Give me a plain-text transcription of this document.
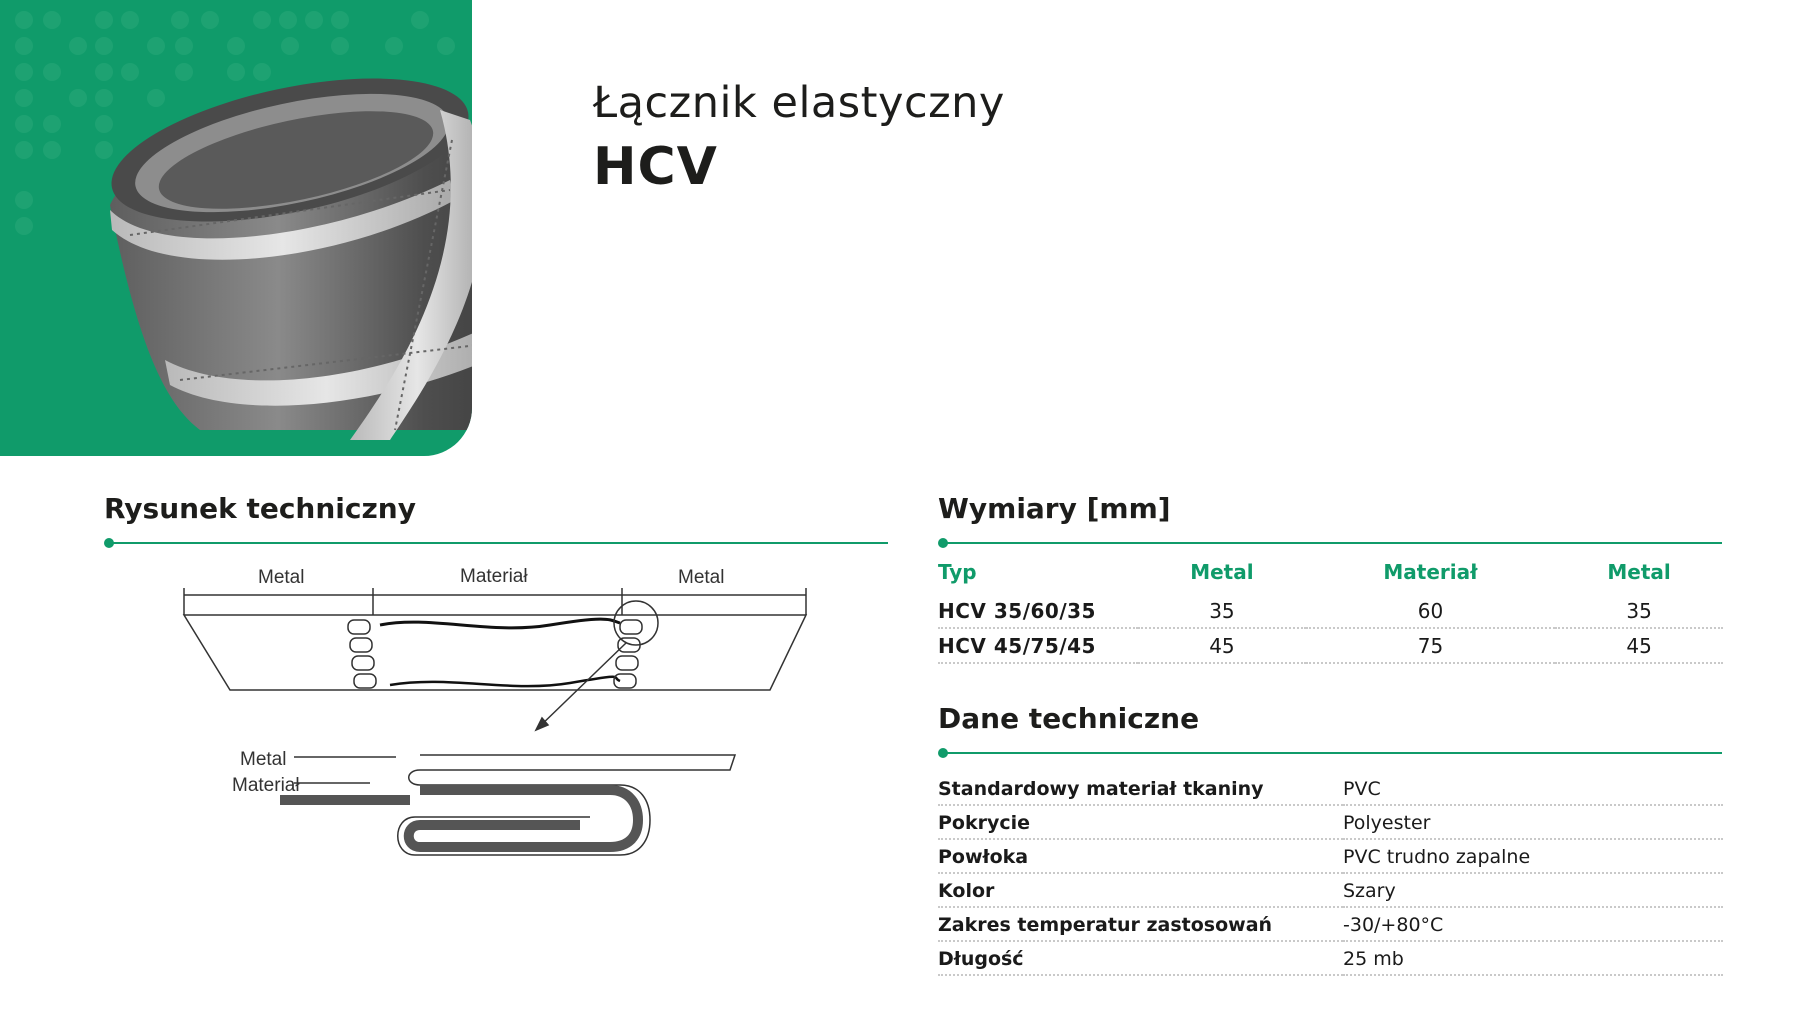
Łącznik elastyczny
HCV
Rysunek techniczny
Metal	Materiał	Metal
Metal
Materiał
Wymiary [mm]
Typ	Metal	Materiał	Metal
HCV 35/60/35	35	60	35
HCV 45/75/45	45	75	45
Dane techniczne
Standardowy materiał tkaniny	PVC
Pokrycie	Polyester
Powłoka	PVC trudno zapalne
Kolor	Szary
Zakres temperatur zastosowań	-30/+80°C
Długość	25 mb
